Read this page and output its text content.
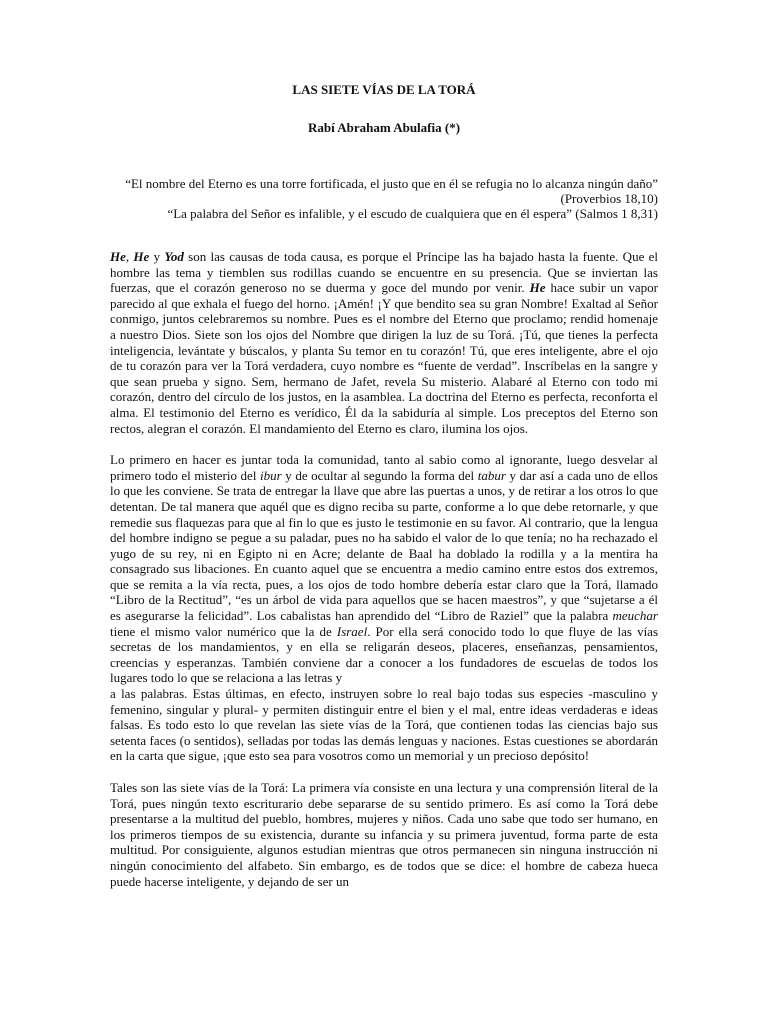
LAS SIETE VÍAS DE LA TORÁ
Rabí Abraham Abulafia (*)

“El nombre del Eterno es una torre fortificada, el justo que en él se refugia no lo alcanza ningún daño” (Proverbios 18,10)

“La palabra del Señor es infalible, y el escudo de cualquiera que en él espera” (Salmos 1 8,31)

He, He y Yod son las causas de toda causa, es porque el Príncipe las ha bajado hasta la fuente. Que el hombre las tema y tiemblen sus rodillas cuando se encuentre en su presencia. Que se inviertan las fuerzas, que el corazón generoso no se duerma y goce del mundo por venir. He hace subir un vapor parecido al que exhala el fuego del horno. ¡Amén! ¡Y que bendito sea su gran Nombre! Exaltad al Señor conmigo, juntos celebraremos su nombre. Pues es el nombre del Eterno que proclamo; rendid homenaje a nuestro Dios. Siete son los ojos del Nombre que dirigen la luz de su Torá. ¡Tú, que tienes la perfecta inteligencia, levántate y búscalos, y planta Su temor en tu corazón! Tú, que eres inteligente, abre el ojo de tu corazón para ver la Torá verdadera, cuyo nombre es “fuente de verdad”. Inscríbelas en la sangre y que sean prueba y signo. Sem, hermano de Jafet, revela Su misterio. Alabaré al Eterno con todo mi corazón, dentro del círculo de los justos, en la asamblea. La doctrina del Eterno es perfecta, reconforta el alma. El testimonio del Eterno es verídico, Él da la sabiduría al simple. Los preceptos del Eterno son rectos, alegran el corazón. El mandamiento del Eterno es claro, ilumina los ojos.

Lo primero en hacer es juntar toda la comunidad, tanto al sabio como al ignorante, luego desvelar al primero todo el misterio del ibur y de ocultar al segundo la forma del tabur y dar así a cada uno de ellos lo que les conviene. Se trata de entregar la llave que abre las puertas a unos, y de retirar a los otros lo que detentan. De tal manera que aquél que es digno reciba su parte, conforme a lo que debe retornarle, y que remedie sus flaquezas para que al fin lo que es justo le testimonie en su favor. Al contrario, que la lengua del hombre indigno se pegue a su paladar, pues no ha sabido el valor de lo que tenía; no ha rechazado el yugo de su rey, ni en Egipto ni en Acre; delante de Baal ha doblado la rodilla y a la mentira ha consagrado sus libaciones. En cuanto aquel que se encuentra a medio camino entre estos dos extremos, que se remita a la vía recta, pues, a los ojos de todo hombre debería estar claro que la Torá, llamado “Libro de la Rectitud”, “es un árbol de vida para aquellos que se hacen maestros”, y que “sujetarse a él es asegurarse la felicidad”. Los cabalistas han aprendido del “Libro de Raziel” que la palabra meuchar tiene el mismo valor numérico que la de Israel. Por ella será conocido todo lo que fluye de las vías secretas de los mandamientos, y en ella se religarán deseos, placeres, enseñanzas, pensamientos, creencias y esperanzas. También conviene dar a conocer a los fundadores de escuelas de todos los lugares todo lo que se relaciona a las letras y

a las palabras. Estas últimas, en efecto, instruyen sobre lo real bajo todas sus especies -masculino y femenino, singular y plural- y permiten distinguir entre el bien y el mal, entre ideas verdaderas e ideas falsas. Es todo esto lo que revelan las siete vías de la Torá, que contienen todas las ciencias bajo sus setenta faces (o sentidos), selladas por todas las demás lenguas y naciones. Estas cuestiones se abordarán en la carta que sigue, ¡que esto sea para vosotros como un memorial y un precioso depósito!

Tales son las siete vías de la Torá: La primera vía consiste en una lectura y una comprensión literal de la Torá, pues ningún texto escriturario debe separarse de su sentido primero. Es así como la Torá debe presentarse a la multitud del pueblo, hombres, mujeres y niños. Cada uno sabe que todo ser humano, en los primeros tiempos de su existencia, durante su infancia y su primera juventud, forma parte de esta multitud. Por consiguiente, algunos estudian mientras que otros permanecen sin ninguna instrucción ni ningún conocimiento del alfabeto. Sin embargo, es de todos que se dice: el hombre de cabeza hueca puede hacerse inteligente, y dejando de ser un
